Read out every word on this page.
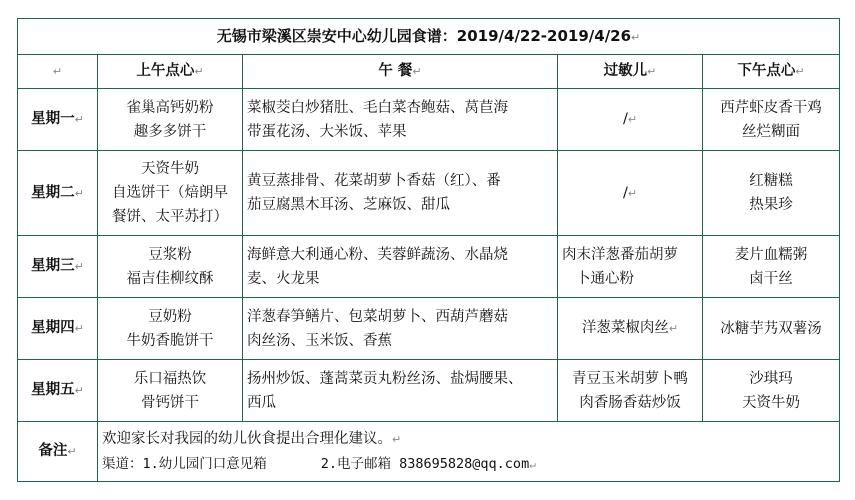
无锡市梁溪区崇安中心幼儿园食谱：2019/4/22-2019/4/26↵				
↵	上午点心↵	午 餐↵	过敏儿↵	下午点心↵
星期一↵	雀巢高钙奶粉
趣多多饼干	菜椒茭白炒猪肚、毛白菜杏鲍菇、莴苣海
带蛋花汤、大米饭、苹果	/↵	西芹虾皮香干鸡
丝烂糊面

星期二↵	天资牛奶
自选饼干（焙朗早
餐饼、太平苏打）	黄豆蒸排骨、花菜胡萝卜香菇（红）、番
茄豆腐黑木耳汤、芝麻饭、甜瓜	/↵	红糖糕
热果珍

星期三↵	豆浆粉
福吉佳柳纹酥	海鲜意大利通心粉、芙蓉鲜蔬汤、水晶烧
麦、火龙果	肉末洋葱番茄胡萝
卜通心粉	麦片血糯粥
卤干丝

星期四↵	豆奶粉
牛奶香脆饼干	洋葱春笋鳝片、包菜胡萝卜、西葫芦蘑菇
肉丝汤、玉米饭、香蕉	洋葱菜椒肉丝↵	冰糖芋艿双薯汤
星期五↵	乐口福热饮
骨钙饼干	扬州炒饭、蓬蒿菜贡丸粉丝汤、盐焗腰果、
西瓜	青豆玉米胡萝卜鸭
肉香肠香菇炒饭	沙琪玛
天资牛奶

备注↵	欢迎家长对我园的幼儿伙食提出合理化建议。↵
渠道：1.幼儿园门口意见箱 2.电子邮箱 838695828@qq.com↵			
